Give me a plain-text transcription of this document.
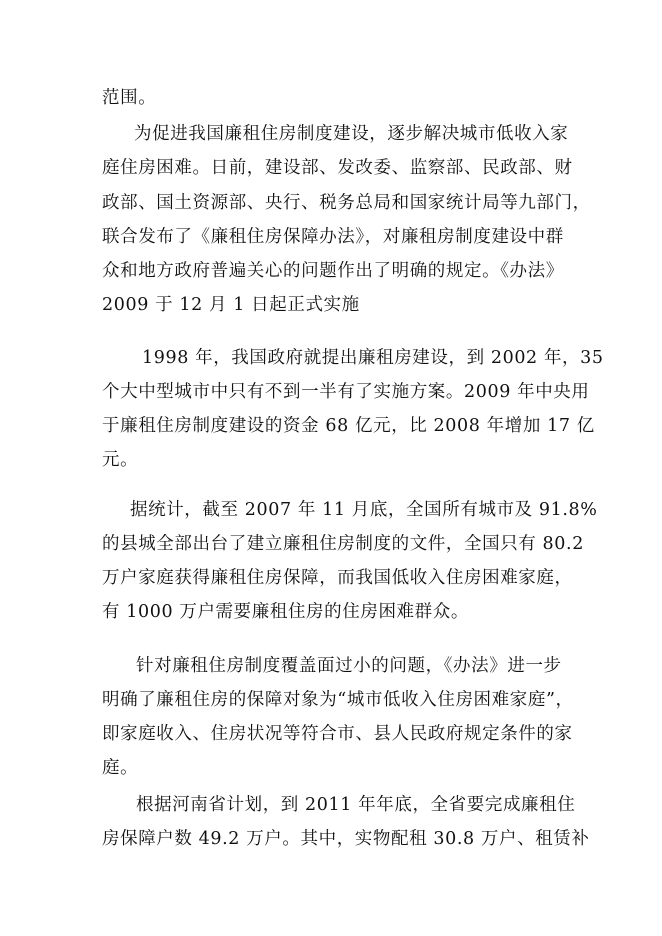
范围。
为促进我国廉租住房制度建设，逐步解决城市低收入家
庭住房困难。日前，建设部、发改委、监察部、民政部、财
政部、国土资源部、央行、税务总局和国家统计局等九部门，
联合发布了《廉租住房保障办法》，对廉租房制度建设中群
众和地方政府普遍关心的问题作出了明确的规定。《办法》
2009 于 12 月 1 日起正式实施
1998 年，我国政府就提出廉租房建设，到 2002 年，35
个大中型城市中只有不到一半有了实施方案。2009 年中央用
于廉租住房制度建设的资金 68 亿元，比 2008 年增加 17 亿
元。
据统计，截至 2007 年 11 月底，全国所有城市及 91.8%
的县城全部出台了建立廉租住房制度的文件，全国只有 80.2
万户家庭获得廉租住房保障，而我国低收入住房困难家庭，
有 1000 万户需要廉租住房的住房困难群众。
针对廉租住房制度覆盖面过小的问题，《办法》进一步
明确了廉租住房的保障对象为“城市低收入住房困难家庭”，
即家庭收入、住房状况等符合市、县人民政府规定条件的家
庭。
根据河南省计划，到 2011 年年底，全省要完成廉租住
房保障户数 49.2 万户。其中，实物配租 30.8 万户、租赁补
